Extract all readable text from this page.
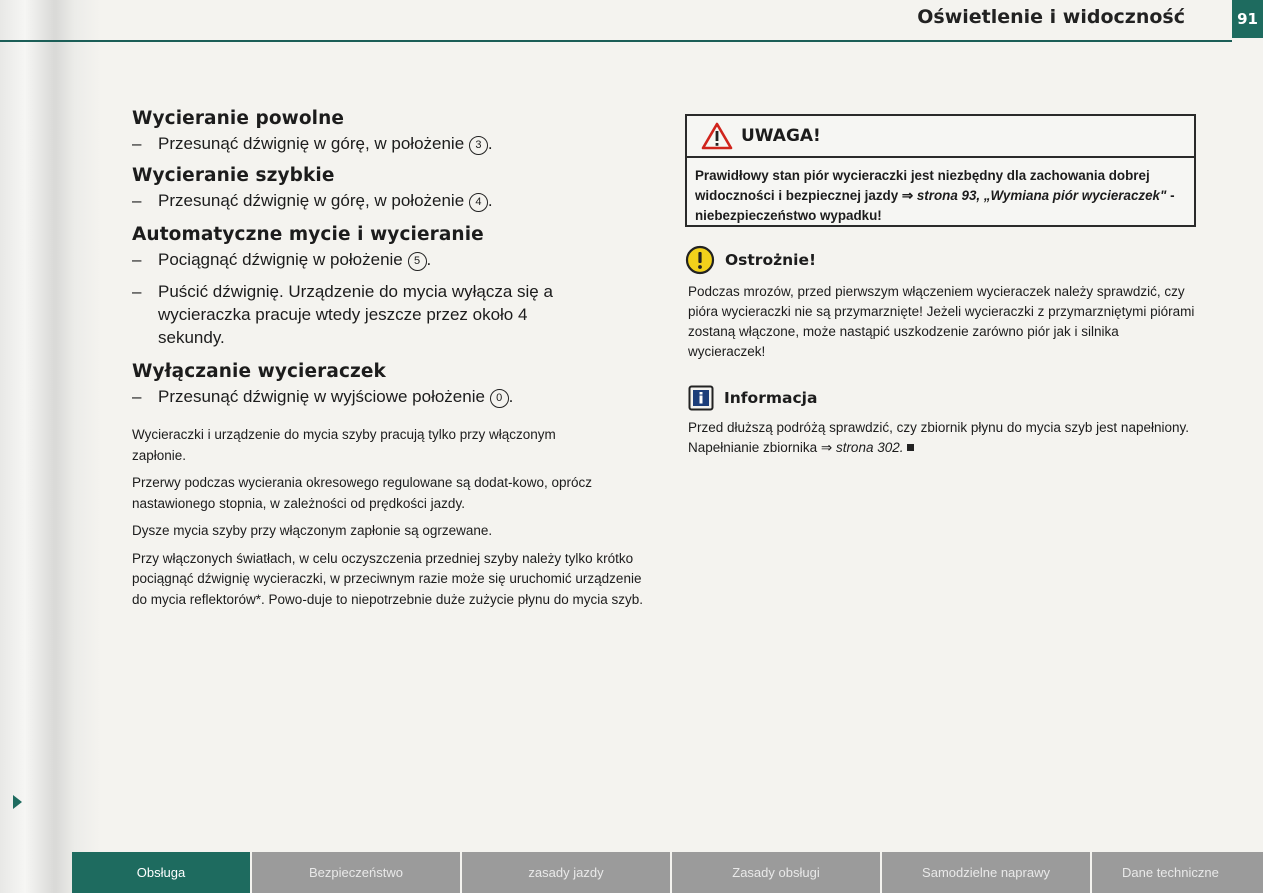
Oświetlenie i widoczność	91
Wycieranie powolne
– Przesunąć dźwignię w górę, w położenie 3 .
Wycieranie szybkie
– Przesunąć dźwignię w górę, w położenie 4 .
Automatyczne mycie i wycieranie
– Pociągnąć dźwignię w położenie 5 .
– Puścić dźwignię. Urządzenie do mycia wyłącza się a wycieraczka pracuje wtedy jeszcze przez około 4 sekundy.
Wyłączanie wycieraczek
– Przesunąć dźwignię w wyjściowe położenie 0 .

Wycieraczki i urządzenie do mycia szyby pracują tylko przy włączonym zapłonie.

Przerwy podczas wycierania okresowego regulowane są dodat-kowo, oprócz nastawionego stopnia, w zależności od prędkości jazdy.

Dysze mycia szyby przy włączonym zapłonie są ogrzewane.

Przy włączonych światłach, w celu oczyszczenia przedniej szyby należy tylko krótko pociągnąć dźwignię wycieraczki, w przeciwnym razie może się uruchomić urządzenie do mycia reflektorów*. Powo-duje to niepotrzebnie duże zużycie płynu do mycia szyb.

UWAGA!
Prawidłowy stan piór wycieraczki jest niezbędny dla zachowania dobrej widoczności i bezpiecznej jazdy ⇒ strona 93, „Wymiana piór wycieraczek" - niebezpieczeństwo wypadku!
Ostrożnie!
Podczas mrozów, przed pierwszym włączeniem wycieraczek należy sprawdzić, czy pióra wycieraczki nie są przymarznięte! Jeżeli wycieraczki z przymarzniętymi piórami zostaną włączone, może nastąpić uszkodzenie zarówno piór jak i silnika wycieraczek!
Informacja
Przed dłuższą podróżą sprawdzić, czy zbiornik płynu do mycia szyb jest napełniony. Napełnianie zbiornika ⇒ strona 302.
Obsługa	Bezpieczeństwo	zasady jazdy	Zasady obsługi	Samodzielne naprawy	Dane techniczne
